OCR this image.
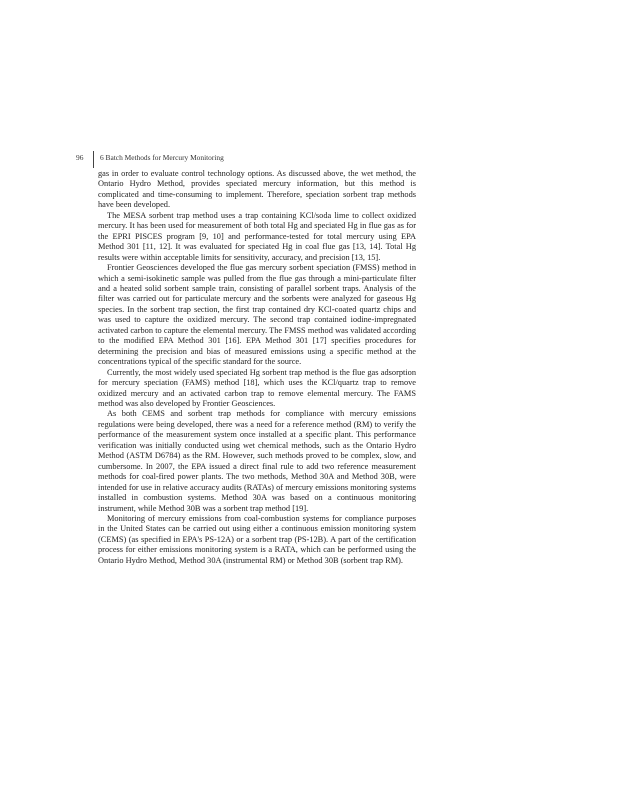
96	6 Batch Methods for Mercury Monitoring

gas in order to evaluate control technology options. As discussed above, the wet method, the Ontario Hydro Method, provides speciated mercury information, but this method is complicated and time-consuming to implement. Therefore, speciation sorbent trap methods have been developed.

The MESA sorbent trap method uses a trap containing KCl/soda lime to collect oxidized mercury. It has been used for measurement of both total Hg and speciated Hg in flue gas as for the EPRI PISCES program [9, 10] and performance-tested for total mercury using EPA Method 301 [11, 12]. It was evaluated for speciated Hg in coal flue gas [13, 14]. Total Hg results were within acceptable limits for sensitivity, accuracy, and precision [13, 15].

Frontier Geosciences developed the flue gas mercury sorbent speciation (FMSS) method in which a semi-isokinetic sample was pulled from the flue gas through a mini-particulate filter and a heated solid sorbent sample train, consisting of parallel sorbent traps. Analysis of the filter was carried out for particulate mercury and the sorbents were analyzed for gaseous Hg species. In the sorbent trap section, the first trap contained dry KCl-coated quartz chips and was used to capture the oxidized mercury. The second trap contained iodine-impregnated activated carbon to capture the elemental mercury. The FMSS method was validated according to the modified EPA Method 301 [16]. EPA Method 301 [17] specifies procedures for determining the precision and bias of measured emissions using a specific method at the concentrations typical of the specific standard for the source.

Currently, the most widely used speciated Hg sorbent trap method is the flue gas adsorption for mercury speciation (FAMS) method [18], which uses the KCl/quartz trap to remove oxidized mercury and an activated carbon trap to remove elemental mercury. The FAMS method was also developed by Frontier Geosciences.

As both CEMS and sorbent trap methods for compliance with mercury emissions regulations were being developed, there was a need for a reference method (RM) to verify the performance of the measurement system once installed at a specific plant. This performance verification was initially conducted using wet chemical methods, such as the Ontario Hydro Method (ASTM D6784) as the RM. However, such methods proved to be complex, slow, and cumbersome. In 2007, the EPA issued a direct final rule to add two reference measurement methods for coal-fired power plants. The two methods, Method 30A and Method 30B, were intended for use in relative accuracy audits (RATAs) of mercury emissions monitoring systems installed in combustion systems. Method 30A was based on a continuous monitoring instrument, while Method 30B was a sorbent trap method [19].

Monitoring of mercury emissions from coal-combustion systems for compliance purposes in the United States can be carried out using either a continuous emission monitoring system (CEMS) (as specified in EPA's PS-12A) or a sorbent trap (PS-12B). A part of the certification process for either emissions monitoring system is a RATA, which can be performed using the Ontario Hydro Method, Method 30A (instrumental RM) or Method 30B (sorbent trap RM).
